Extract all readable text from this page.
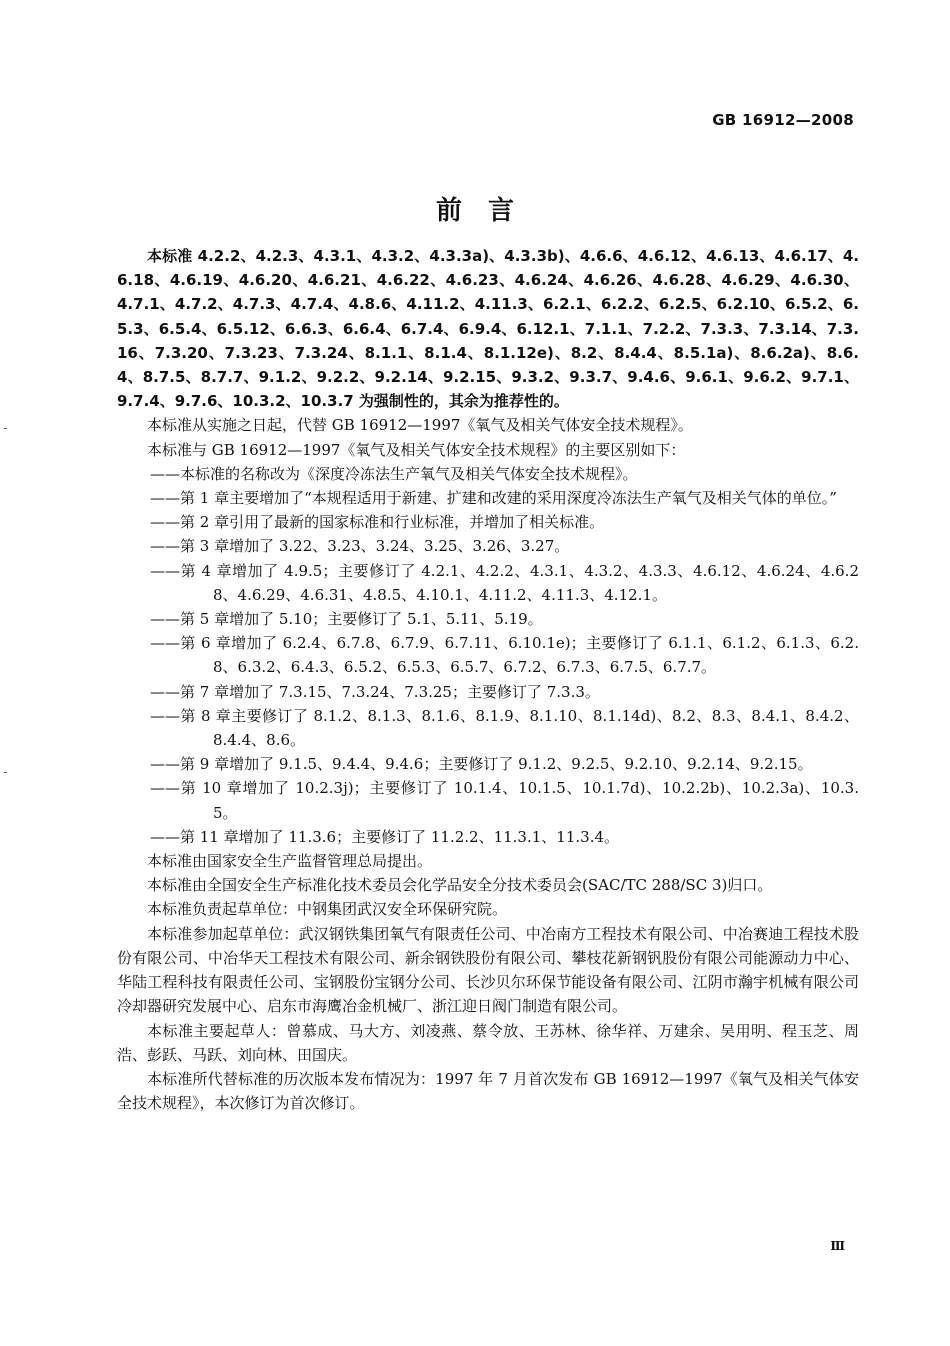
GB 16912—2008
前言

本标准 4.2.2、4.2.3、4.3.1、4.3.2、4.3.3a)、4.3.3b)、4.6.6、4.6.12、4.6.13、4.6.17、4.6.18、4.6.19、4.6.20、4.6.21、4.6.22、4.6.23、4.6.24、4.6.26、4.6.28、4.6.29、4.6.30、4.7.1、4.7.2、4.7.3、4.7.4、4.8.6、4.11.2、4.11.3、6.2.1、6.2.2、6.2.5、6.2.10、6.5.2、6.5.3、6.5.4、6.5.12、6.6.3、6.6.4、6.7.4、6.9.4、6.12.1、7.1.1、7.2.2、7.3.3、7.3.14、7.3.16、7.3.20、7.3.23、7.3.24、8.1.1、8.1.4、8.1.12e)、8.2、8.4.4、8.5.1a)、8.6.2a)、8.6.4、8.7.5、8.7.7、9.1.2、9.2.2、9.2.14、9.2.15、9.3.2、9.3.7、9.4.6、9.6.1、9.6.2、9.7.1、9.7.4、9.7.6、10.3.2、10.3.7 为强制性的，其余为推荐性的。

本标准从实施之日起，代替 GB 16912—1997《氧气及相关气体安全技术规程》。

本标准与 GB 16912—1997《氧气及相关气体安全技术规程》的主要区别如下：

——本标准的名称改为《深度冷冻法生产氧气及相关气体安全技术规程》。

——第 1 章主要增加了“本规程适用于新建、扩建和改建的采用深度冷冻法生产氧气及相关气体的单位。”

——第 2 章引用了最新的国家标准和行业标准，并增加了相关标准。

——第 3 章增加了 3.22、3.23、3.24、3.25、3.26、3.27。

——第 4 章增加了 4.9.5；主要修订了 4.2.1、4.2.2、4.3.1、4.3.2、4.3.3、4.6.12、4.6.24、4.6.28、4.6.29、4.6.31、4.8.5、4.10.1、4.11.2、4.11.3、4.12.1。

——第 5 章增加了 5.10；主要修订了 5.1、5.11、5.19。

——第 6 章增加了 6.2.4、6.7.8、6.7.9、6.7.11、6.10.1e)；主要修订了 6.1.1、6.1.2、6.1.3、6.2.8、6.3.2、6.4.3、6.5.2、6.5.3、6.5.7、6.7.2、6.7.3、6.7.5、6.7.7。

——第 7 章增加了 7.3.15、7.3.24、7.3.25；主要修订了 7.3.3。

——第 8 章主要修订了 8.1.2、8.1.3、8.1.6、8.1.9、8.1.10、8.1.14d)、8.2、8.3、8.4.1、8.4.2、8.4.4、8.6。

——第 9 章增加了 9.1.5、9.4.4、9.4.6；主要修订了 9.1.2、9.2.5、9.2.10、9.2.14、9.2.15。

——第 10 章增加了 10.2.3j)；主要修订了 10.1.4、10.1.5、10.1.7d)、10.2.2b)、10.2.3a)、10.3.5。

——第 11 章增加了 11.3.6；主要修订了 11.2.2、11.3.1、11.3.4。

本标准由国家安全生产监督管理总局提出。

本标准由全国安全生产标准化技术委员会化学品安全分技术委员会(SAC/TC 288/SC 3)归口。

本标准负责起草单位：中钢集团武汉安全环保研究院。

本标准参加起草单位：武汉钢铁集团氧气有限责任公司、中冶南方工程技术有限公司、中冶赛迪工程技术股份有限公司、中冶华天工程技术有限公司、新余钢铁股份有限公司、攀枝花新钢钒股份有限公司能源动力中心、华陆工程科技有限责任公司、宝钢股份宝钢分公司、长沙贝尔环保节能设备有限公司、江阴市瀚宇机械有限公司冷却器研究发展中心、启东市海鹰冶金机械厂、浙江迎日阀门制造有限公司。

本标准主要起草人：曾慕成、马大方、刘凌燕、蔡令放、王苏林、徐华祥、万建余、吴用明、程玉芝、周浩、彭跃、马跃、刘向林、田国庆。

本标准所代替标准的历次版本发布情况为：1997 年 7 月首次发布 GB 16912—1997《氧气及相关气体安全技术规程》，本次修订为首次修订。

Ⅲ
